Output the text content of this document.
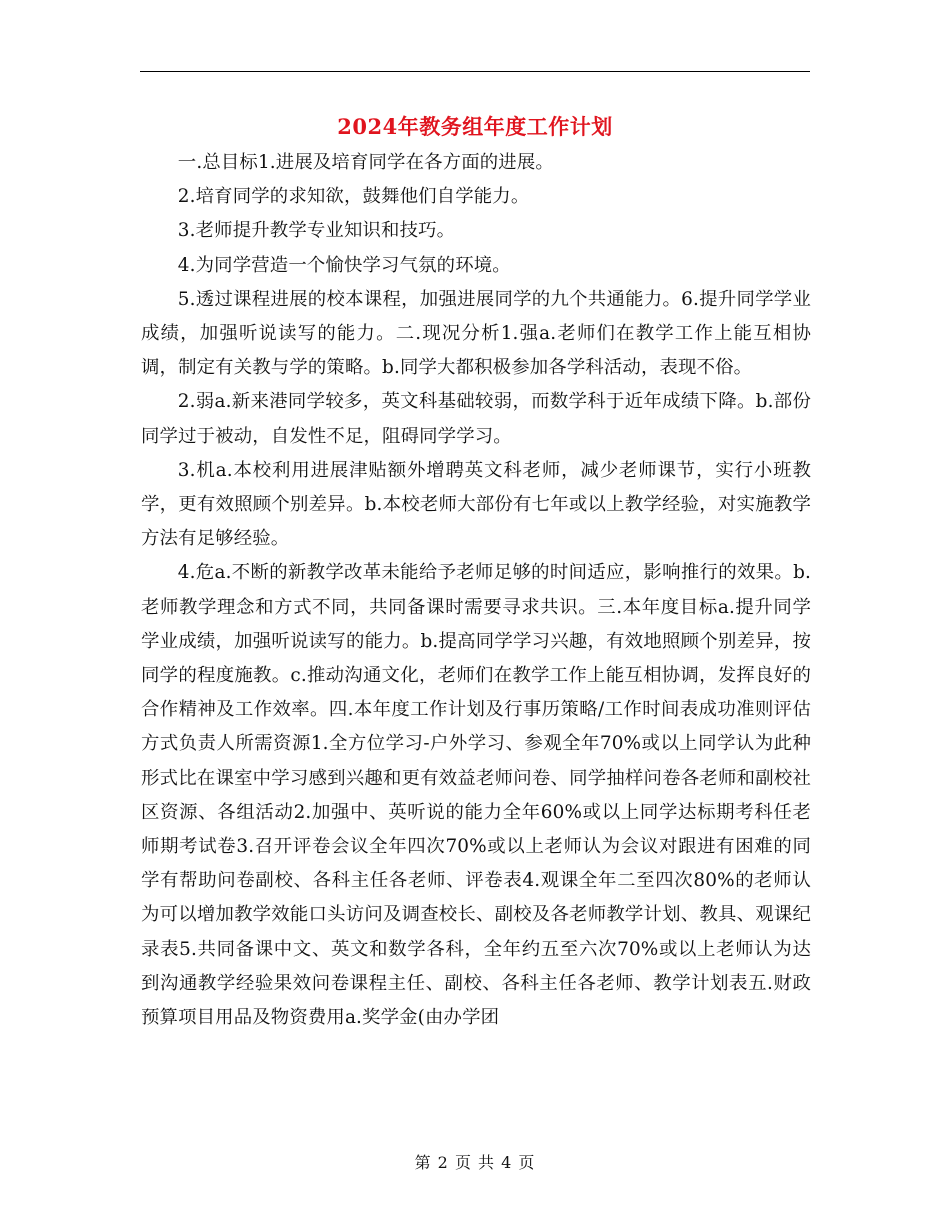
2024年教务组年度工作计划

一.总目标1.进展及培育同学在各方面的进展。

2.培育同学的求知欲，鼓舞他们自学能力。

3.老师提升教学专业知识和技巧。

4.为同学营造一个愉快学习气氛的环境。

5.透过课程进展的校本课程，加强进展同学的九个共通能力。6.提升同学学业成绩，加强听说读写的能力。二.现况分析1.强a.老师们在教学工作上能互相协调，制定有关教与学的策略。b.同学大都积极参加各学科活动，表现不俗。

2.弱a.新来港同学较多，英文科基础较弱，而数学科于近年成绩下降。b.部份同学过于被动，自发性不足，阻碍同学学习。

3.机a.本校利用进展津贴额外增聘英文科老师，减少老师课节，实行小班教学，更有效照顾个别差异。b.本校老师大部份有七年或以上教学经验，对实施教学方法有足够经验。

4.危a.不断的新教学改革未能给予老师足够的时间适应，影响推行的效果。b.老师教学理念和方式不同，共同备课时需要寻求共识。三.本年度目标a.提升同学学业成绩，加强听说读写的能力。b.提高同学学习兴趣，有效地照顾个别差异，按同学的程度施教。c.推动沟通文化，老师们在教学工作上能互相协调，发挥良好的合作精神及工作效率。四.本年度工作计划及行事历策略/工作时间表成功准则评估方式负责人所需资源1.全方位学习-户外学习、参观全年70%或以上同学认为此种形式比在课室中学习感到兴趣和更有效益老师问卷、同学抽样问卷各老师和副校社区资源、各组活动2.加强中、英听说的能力全年60%或以上同学达标期考科任老师期考试卷3.召开评卷会议全年四次70%或以上老师认为会议对跟进有困难的同学有帮助问卷副校、各科主任各老师、评卷表4.观课全年二至四次80%的老师认为可以增加教学效能口头访问及调查校长、副校及各老师教学计划、教具、观课纪录表5.共同备课中文、英文和数学各科，全年约五至六次70%或以上老师认为达到沟通教学经验果效问卷课程主任、副校、各科主任各老师、教学计划表五.财政预算项目用品及物资费用a.奖学金(由办学团

第 2 页 共 4 页
